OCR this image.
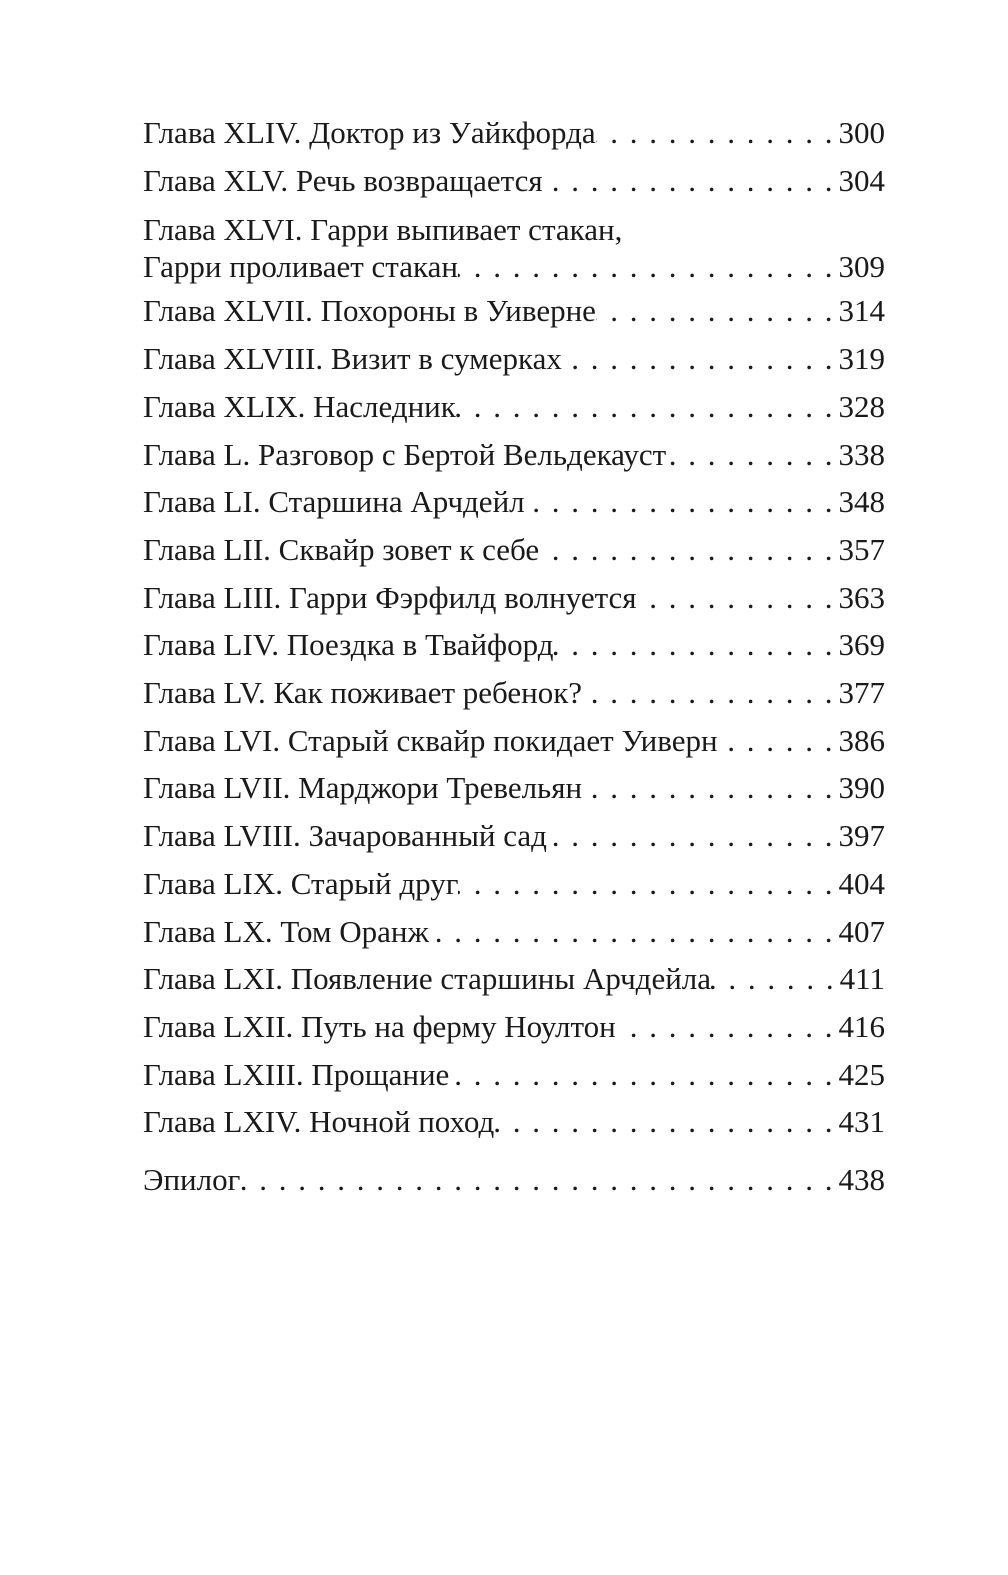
Глава XLIV. Доктор из Уайкфорда . . .	300
Глава XLV. Речь возвращается . . .	304
Глава XLVI. Гарри выпивает стакан,
Гарри проливает стакан . . .	309
Глава XLVII. Похороны в Уиверне . . .	314
Глава XLVIII. Визит в сумерках . . .	319
Глава XLIX. Наследник . . .	328
Глава L. Разговор с Бертой Вельдекауст . . .	338
Глава LI. Старшина Арчдейл . . .	348
Глава LII. Сквайр зовет к себе . . .	357
Глава LIII. Гарри Фэрфилд волнуется . . .	363
Глава LIV. Поездка в Твайфорд . . .	369
Глава LV. Как поживает ребенок? . . .	377
Глава LVI. Старый сквайр покидает Уиверн . . .	386
Глава LVII. Марджори Тревельян . . .	390
Глава LVIII. Зачарованный сад . . .	397
Глава LIX. Старый друг . . .	404
Глава LX. Том Оранж . . .	407
Глава LXI. Появление старшины Арчдейла . . .	411
Глава LXII. Путь на ферму Ноултон . . .	416
Глава LXIII. Прощание . . .	425
Глава LXIV. Ночной поход . . .	431
Эпилог . . .	438
